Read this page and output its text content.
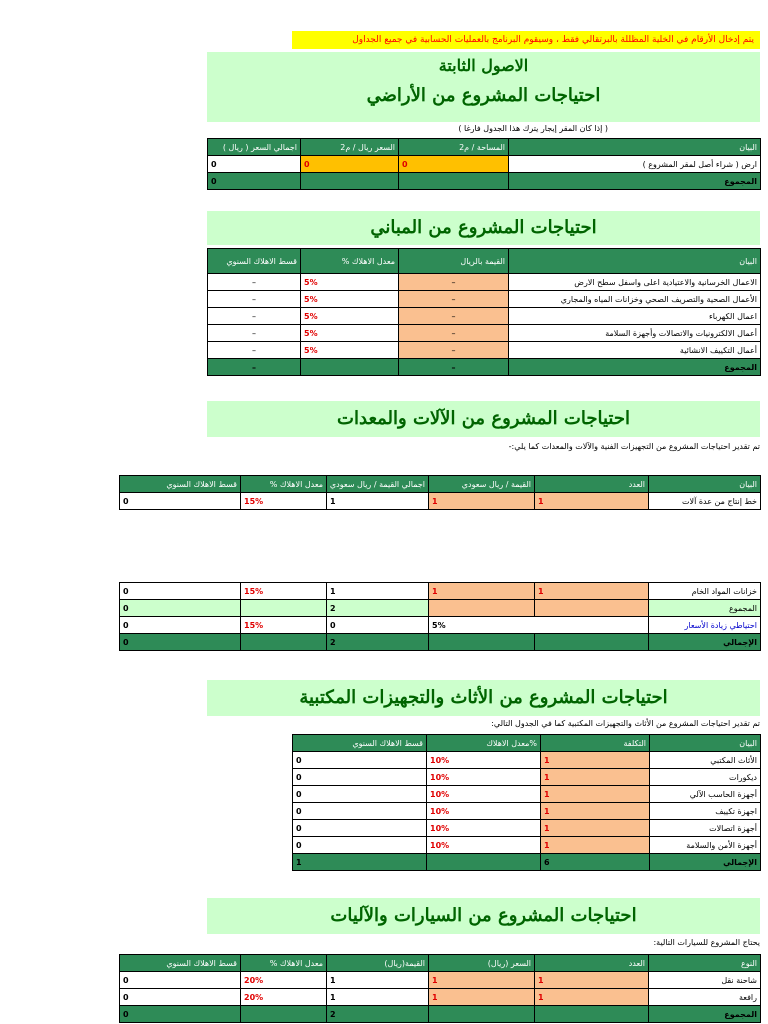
يتم إدخال الأرقام في الخلية المظللة بالبرتقالي فقط ، وسيقوم البرنامج بالعمليات الحسابية في جميع الجداول
الاصول الثابتة
احتياجات المشروع من الأراضي
( إذا كان المقر إيجار يترك هذا الجدول فارغا )
البيان	المساحة / م2	السعر ريال / م2	اجمالي السعر ( ريال )
ارض ( شراء أصل لمقر المشروع )	0	0	0
المجموع			0
احتياجات المشروع من المباني
البيان	القيمة بالريال	معدل الاهلاك %	قسط الاهلاك السنوي
الاعمال الخرسانية والاعتيادية اعلى واسفل سطح الارض	–	5%	–
الأعمال الصحية والتصريف الصحي وخزانات المياه والمجاري	–	5%	–
اعمال الكهرباء	–	5%	–
أعمال الالكترونيات والاتصالات وأجهزة السلامة	–	5%	–
أعمال التكييف الانشائية	–	5%	–
المجموع	–		–
احتياجات المشروع من الآلات والمعدات
تم تقدير احتياجات المشروع من التجهيزات الفنية والآلات والمعدات كما يلي:-
البيان	العدد	القيمة / ريال سعودي	اجمالي القيمة / ريال سعودي	معدل الاهلاك %	قسط الاهلاك السنوي
خط إنتاج من عدة آلات	1	1	1	15%	0
خزانات المواد الخام	1	1	1	15%	0
المجموع			2		0
احتياطي زيادة الأسعار	5%		0	15%	0
الإجمالي			2		0
احتياجات المشروع من الأثاث والتجهيزات المكتبية
تم تقدير احتياجات المشروع من الأثاث والتجهيزات المكتبية كما في الجدول التالي:
البيان	التكلفة	%معدل الاهلاك	قسط الاهلاك السنوي
الأثاث المكتبي	1	10%	0
ديكورات	1	10%	0
أجهزة الحاسب الآلي	1	10%	0
اجهزة تكييف	1	10%	0
أجهزة اتصالات	1	10%	0
أجهزة الأمن والسلامة	1	10%	0
الإجمالي	6		1
احتياجات المشروع من السيارات والآليات
يحتاج المشروع للسيارات التالية:
النوع	العدد	السعر (ريال)	القيمة(ريال)	معدل الاهلاك %	قسط الاهلاك السنوي
شاحنة نقل	1	1	1	20%	0
رافعة	1	1	1	20%	0
المجموع			2		0
